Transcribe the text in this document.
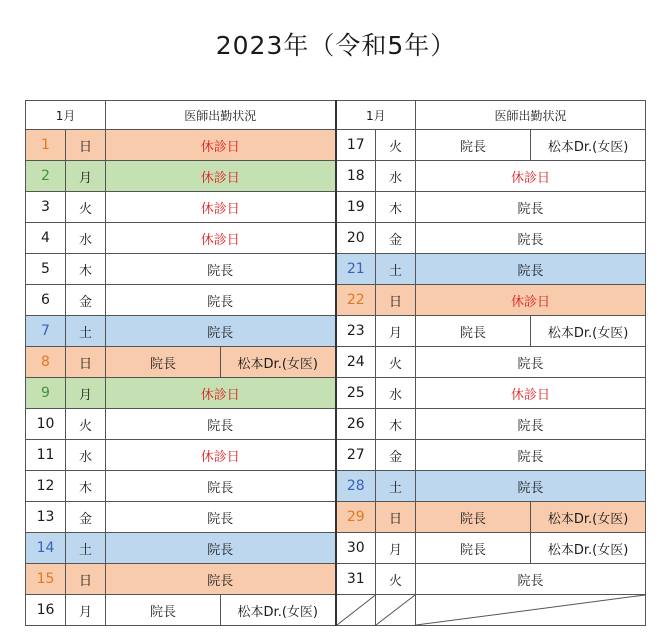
2023年（令和5年）
1月		医師出勤状況		1月		医師出勤状況	
1	日	休診日		17	火	院長	松本Dr.(女医)
2	月	休診日		18	水	休診日	
3	火	休診日		19	木	院長	
4	水	休診日		20	金	院長	
5	木	院長		21	土	院長	
6	金	院長		22	日	休診日	
7	土	院長		23	月	院長	松本Dr.(女医)
8	日	院長	松本Dr.(女医)	24	火	院長	
9	月	休診日		25	水	休診日	
10	火	院長		26	木	院長	
11	水	休診日		27	金	院長	
12	木	院長		28	土	院長	
13	金	院長		29	日	院長	松本Dr.(女医)
14	土	院長		30	月	院長	松本Dr.(女医)
15	日	院長		31	火	院長	
16	月	院長	松本Dr.(女医)	
